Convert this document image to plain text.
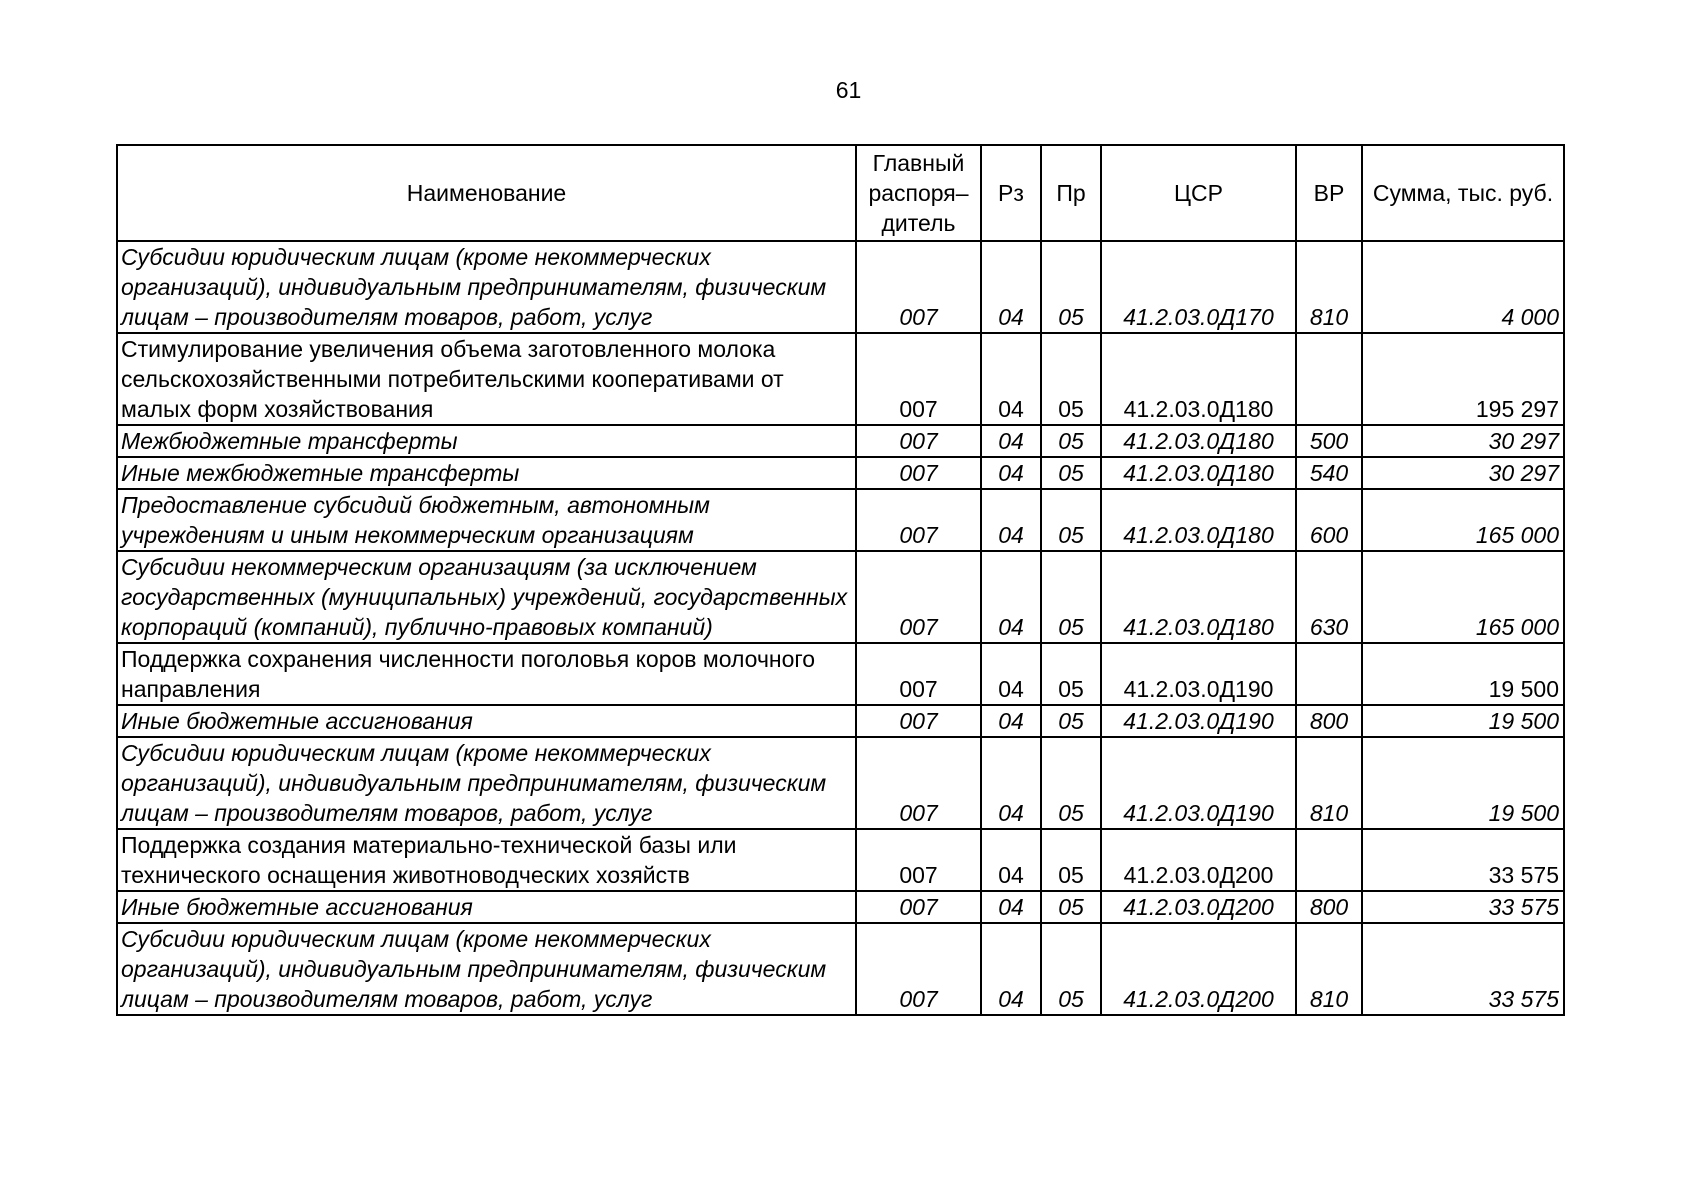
61
Наименование	Главный распоря– дитель	Рз	Пр	ЦСР	ВР	Сумма, тыс. руб.
Субсидии юридическим лицам (кроме некоммерческих организаций), индивидуальным предпринимателям, физическим лицам – производителям товаров, работ, услуг	007	04	05	41.2.03.0Д170	810	4 000
Стимулирование увеличения объема заготовленного молока сельскохозяйственными потребительскими кооперативами от малых форм хозяйствования	007	04	05	41.2.03.0Д180		195 297
Межбюджетные трансферты	007	04	05	41.2.03.0Д180	500	30 297
Иные межбюджетные трансферты	007	04	05	41.2.03.0Д180	540	30 297
Предоставление субсидий бюджетным, автономным учреждениям и иным некоммерческим организациям	007	04	05	41.2.03.0Д180	600	165 000
Субсидии некоммерческим организациям (за исключением государственных (муниципальных) учреждений, государственных корпораций (компаний), публично-правовых компаний)	007	04	05	41.2.03.0Д180	630	165 000
Поддержка сохранения численности поголовья коров молочного направления	007	04	05	41.2.03.0Д190		19 500
Иные бюджетные ассигнования	007	04	05	41.2.03.0Д190	800	19 500
Субсидии юридическим лицам (кроме некоммерческих организаций), индивидуальным предпринимателям, физическим лицам – производителям товаров, работ, услуг	007	04	05	41.2.03.0Д190	810	19 500
Поддержка создания материально-технической базы или технического оснащения животноводческих хозяйств	007	04	05	41.2.03.0Д200		33 575
Иные бюджетные ассигнования	007	04	05	41.2.03.0Д200	800	33 575
Субсидии юридическим лицам (кроме некоммерческих организаций), индивидуальным предпринимателям, физическим лицам – производителям товаров, работ, услуг	007	04	05	41.2.03.0Д200	810	33 575
